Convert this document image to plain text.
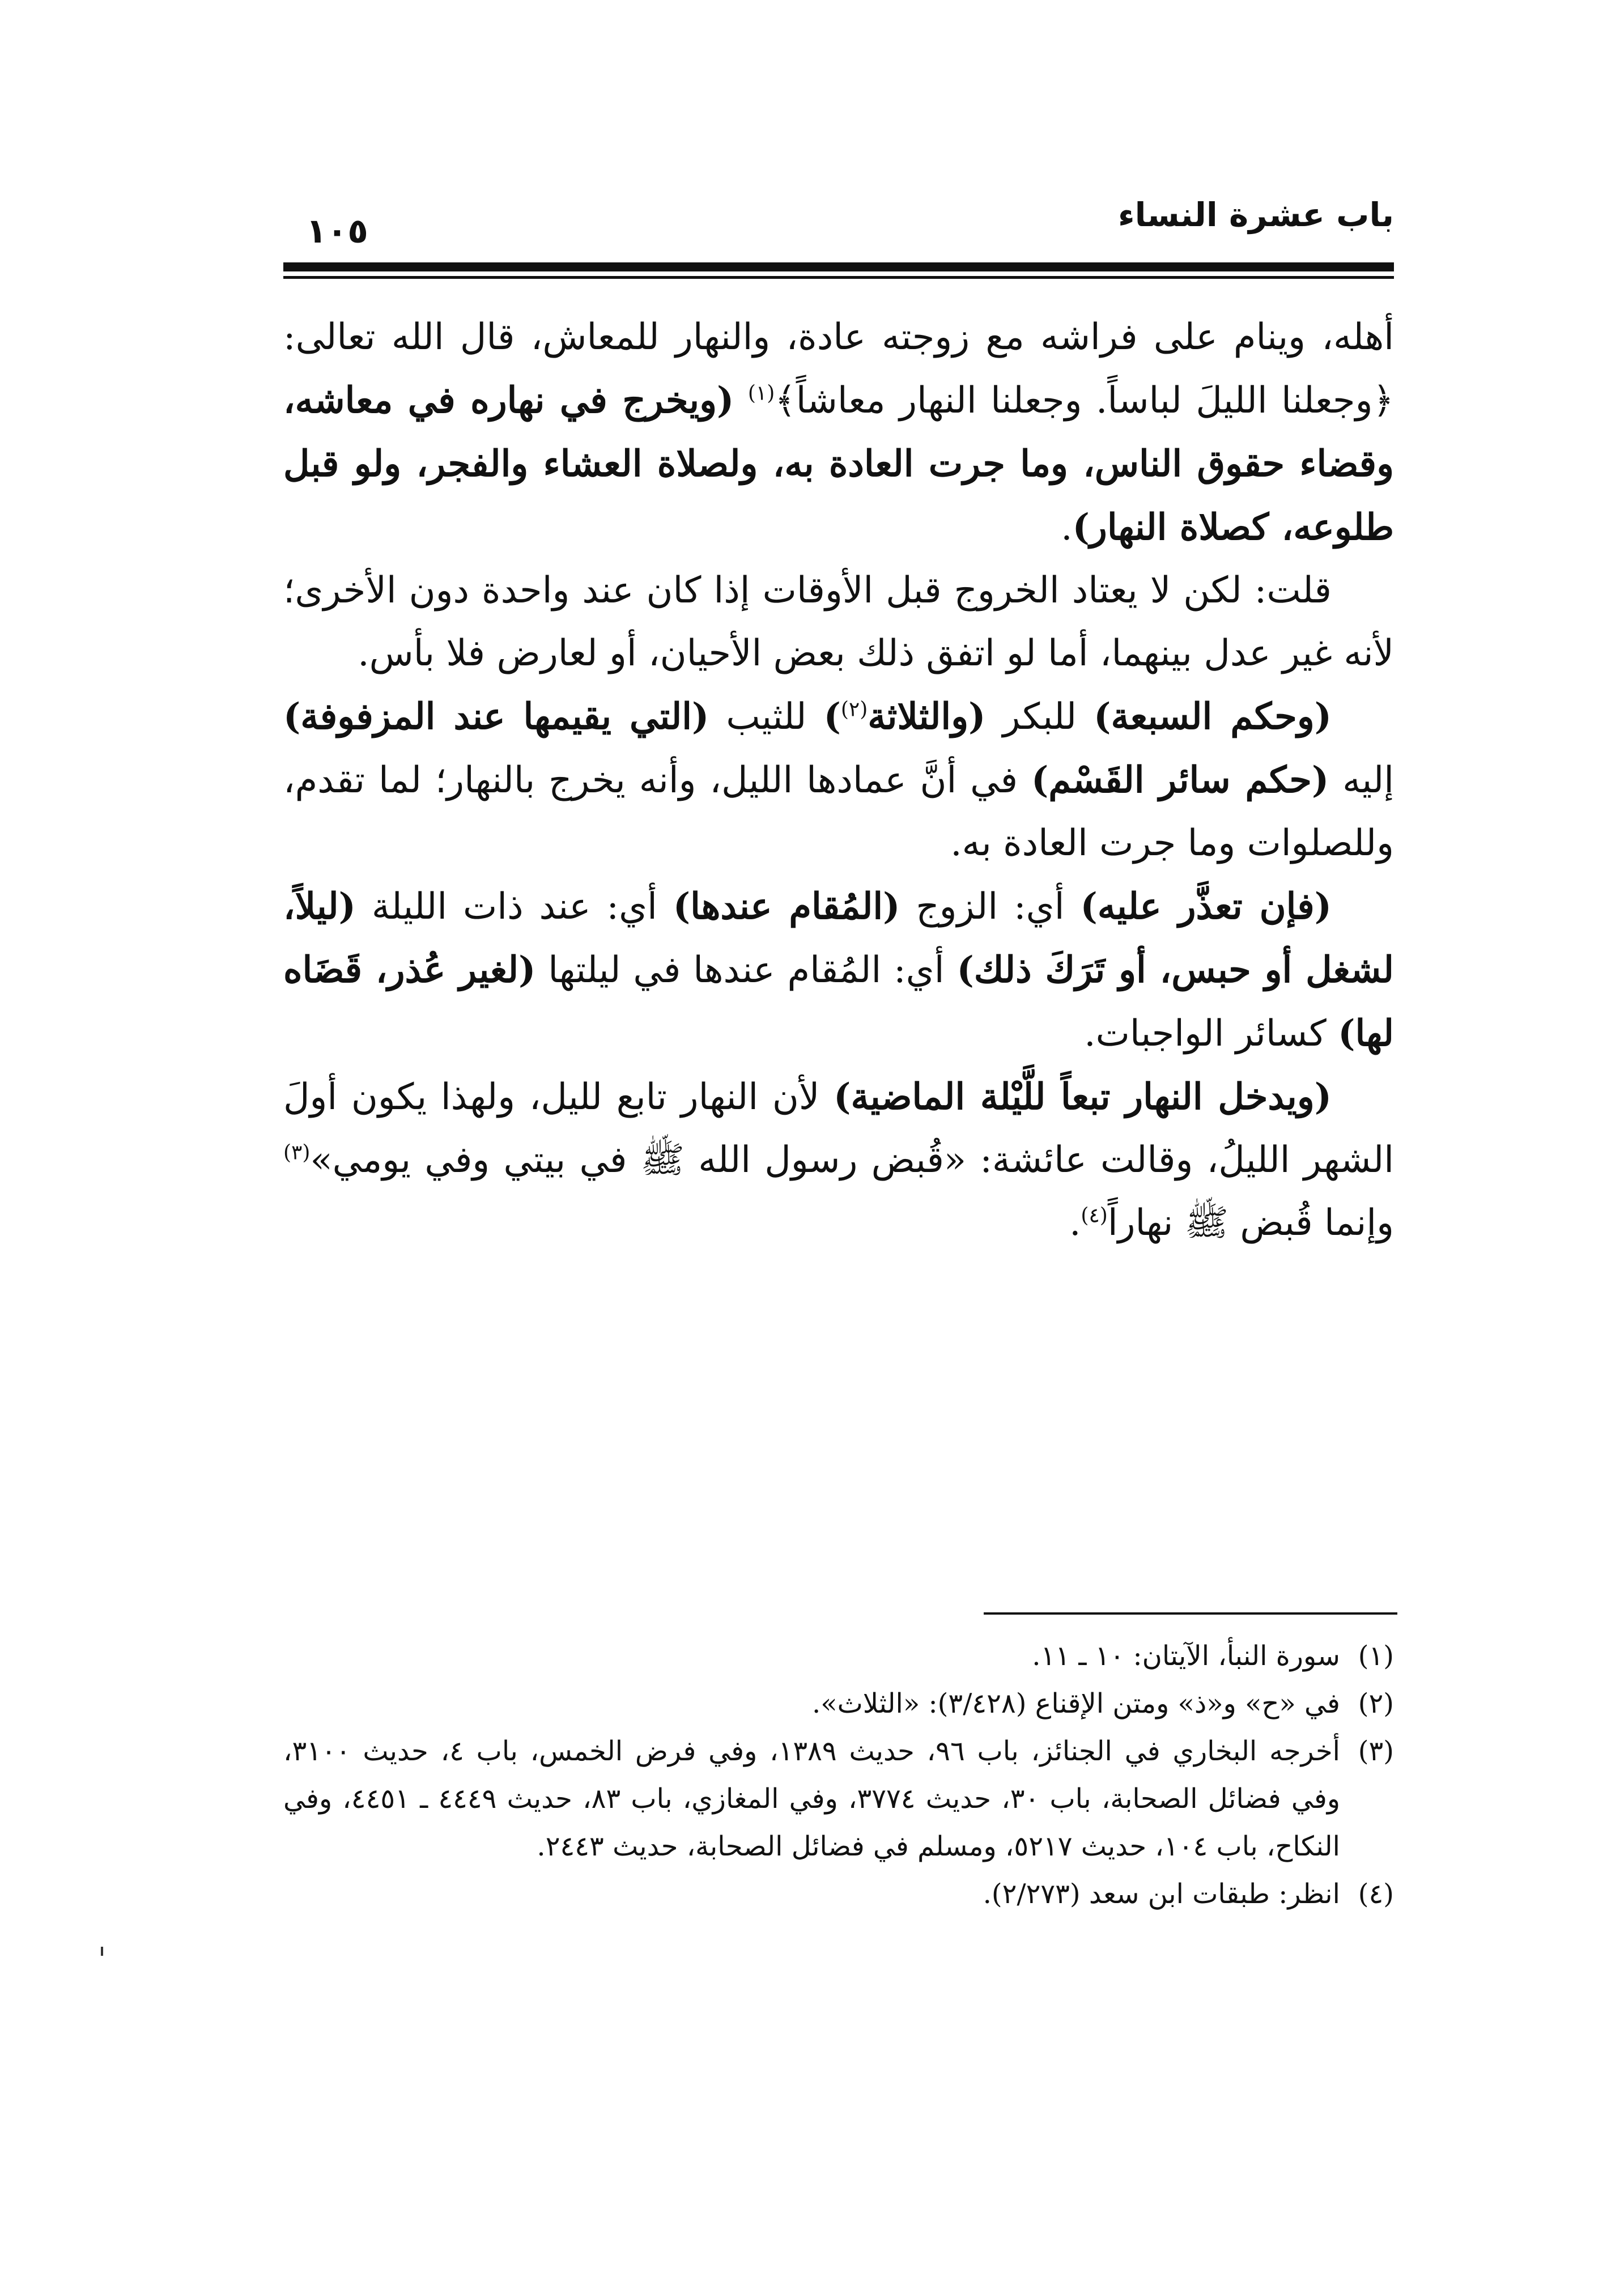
باب عشرة النساء
١٠٥

أهله، وينام على فراشه مع زوجته عادة، والنهار للمعاش، قال الله تعالى: ﴿وجعلنا الليلَ لباساً. وجعلنا النهار معاشاً﴾$^{(١)}$ (ويخرج في نهاره في معاشه، وقضاء حقوق الناس، وما جرت العادة به، ولصلاة العشاء والفجر، ولو قبل طلوعه، كصلاة النهار).

قلت: لكن لا يعتاد الخروج قبل الأوقات إذا كان عند واحدة دون الأخرى؛ لأنه غير عدل بينهما، أما لو اتفق ذلك بعض الأحيان، أو لعارض فلا بأس.

(وحكم السبعة) للبكر (والثلاثة$^{(٢)}$) للثيب (التي يقيمها عند المزفوفة) إليه (حكم سائر القَسْم) في أنَّ عمادها الليل، وأنه يخرج بالنهار؛ لما تقدم، وللصلوات وما جرت العادة به.

(فإن تعذَّر عليه) أي: الزوج (المُقام عندها) أي: عند ذات الليلة (ليلاً، لشغل أو حبس، أو تَرَكَ ذلك) أي: المُقام عندها في ليلتها (لغير عُذر، قَضَاه لها) كسائر الواجبات.

(ويدخل النهار تبعاً للَّيْلة الماضية) لأن النهار تابع لليل، ولهذا يكون أولَ الشهر الليلُ، وقالت عائشة: «قُبض رسول الله ﷺ في بيتي وفي يومي»$^{(٣)}$ وإنما قُبض ﷺ نهاراً$^{(٤)}$.

(١)
سورة النبأ، الآيتان: ١٠ ـ ١١.
(٢)
في «ح» و«ذ» ومتن الإقناع (٣/٤٢٨): «الثلاث».
(٣)
أخرجه البخاري في الجنائز، باب ٩٦، حديث ١٣٨٩، وفي فرض الخمس، باب ٤، حديث ٣١٠٠، وفي فضائل الصحابة، باب ٣٠، حديث ٣٧٧٤، وفي المغازي، باب ٨٣، حديث ٤٤٤٩ ـ ٤٤٥١، وفي النكاح، باب ١٠٤، حديث ٥٢١٧، ومسلم في فضائل الصحابة، حديث ٢٤٤٣.
(٤)
انظر: طبقات ابن سعد (٢/٢٧٣).
